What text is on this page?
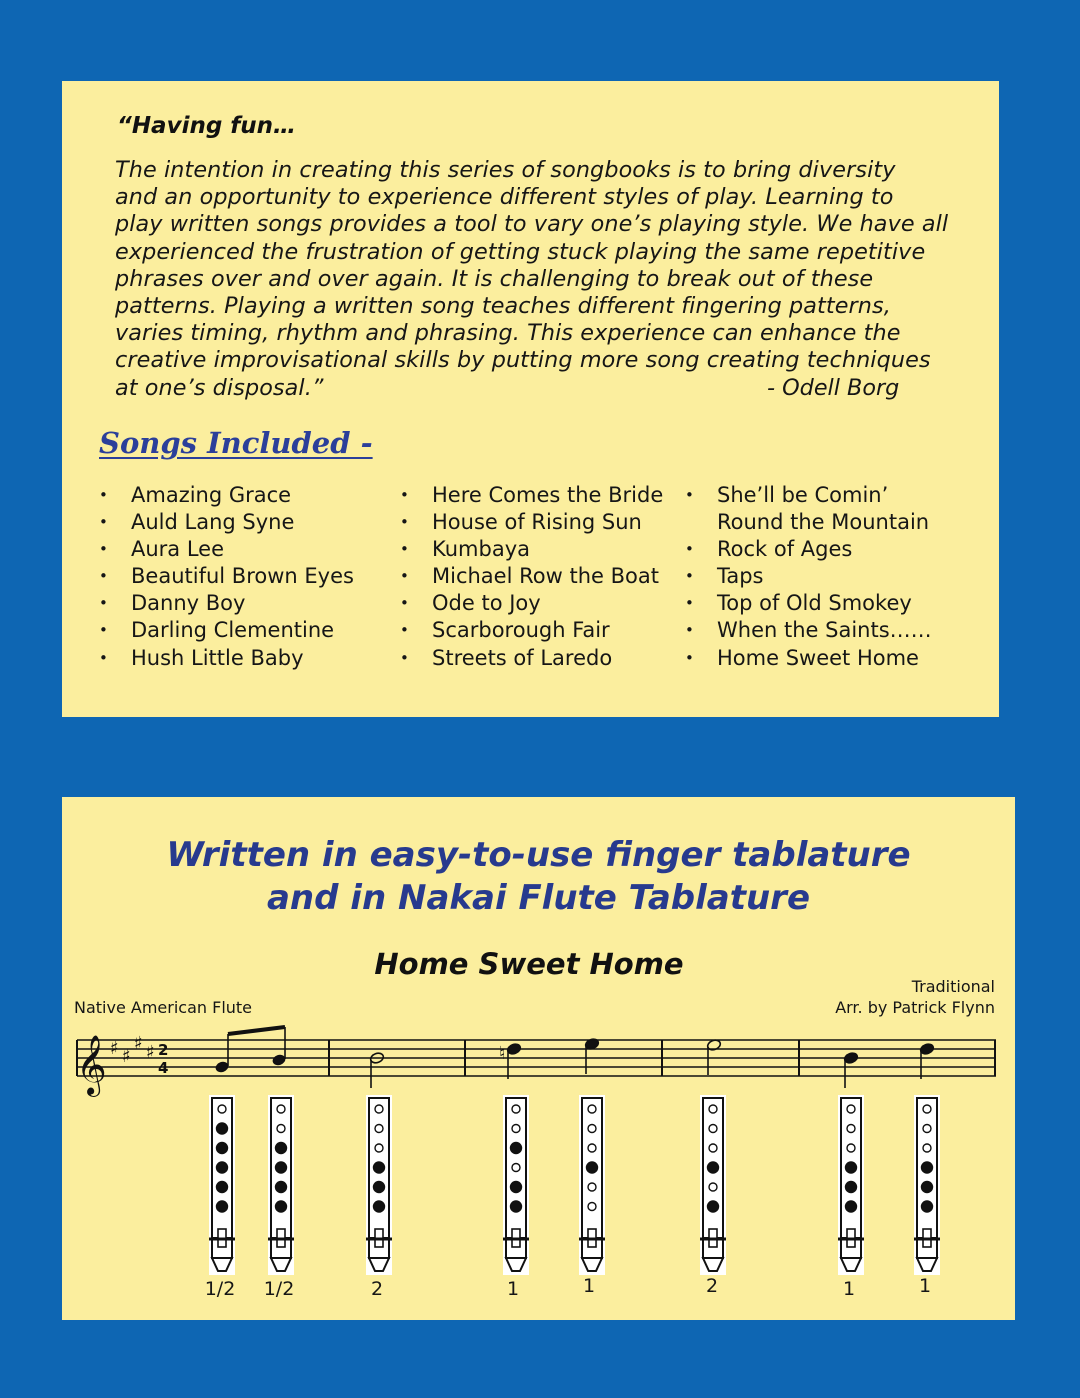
“Having fun…
The intention in creating this series of songbooks is to bring diversity
and an opportunity to experience different styles of play. Learning to
play written songs provides a tool to vary one’s playing style. We have all
experienced the frustration of getting stuck playing the same repetitive
phrases over and over again. It is challenging to break out of these
patterns. Playing a written song teaches different fingering patterns,
varies timing, rhythm and phrasing. This experience can enhance the
creative improvisational skills by putting more song creating techniques
at one’s disposal.”	- Odell Borg
Songs Included -
• Amazing Grace
• Auld Lang Syne
• Aura Lee
• Beautiful Brown Eyes
• Danny Boy
• Darling Clementine
• Hush Little Baby
• Here Comes the Bride
• House of Rising Sun
• Kumbaya
• Michael Row the Boat
• Ode to Joy
• Scarborough Fair
• Streets of Laredo
• She’ll be Comin’
Round the Mountain
• Rock of Ages
• Taps
• Top of Old Smokey
• When the Saints……
• Home Sweet Home
Written in easy-to-use finger tablature
and in Nakai Flute Tablature
Home Sweet Home
Native American Flute
Traditional
Arr. by Patrick Flynn
𝄞 ♯ ♯
♯ ♯ 2
4
♮
1/2	1/2	2	1	1	2	1	1
